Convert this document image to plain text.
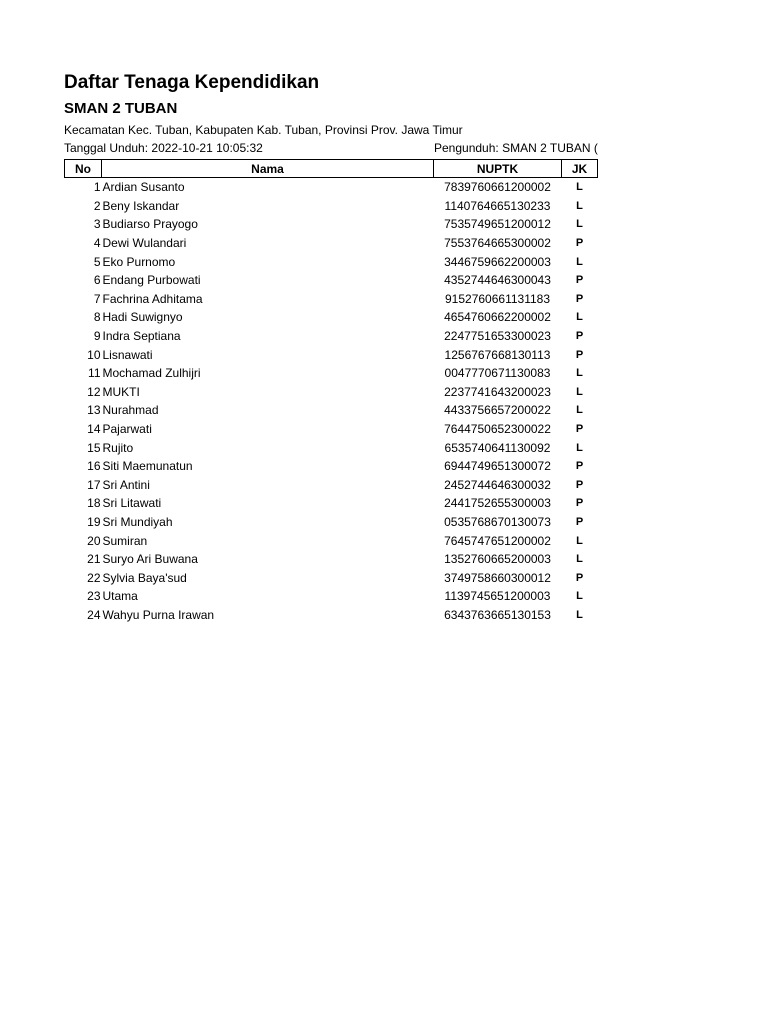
Daftar Tenaga Kependidikan
SMAN 2 TUBAN
Kecamatan Kec. Tuban, Kabupaten Kab. Tuban, Provinsi Prov. Jawa Timur
Tanggal Unduh: 2022-10-21 10:05:32	Pengunduh: SMAN 2 TUBAN (
No	Nama	NUPTK	JK
1	Ardian Susanto	7839760661200002	L
2	Beny Iskandar	1140764665130233	L
3	Budiarso Prayogo	7535749651200012	L
4	Dewi Wulandari	7553764665300002	P
5	Eko Purnomo	3446759662200003	L
6	Endang Purbowati	4352744646300043	P
7	Fachrina Adhitama	9152760661131183	P
8	Hadi Suwignyo	4654760662200002	L
9	Indra Septiana	2247751653300023	P
10	Lisnawati	1256767668130113	P
11	Mochamad Zulhijri	0047770671130083	L
12	MUKTI	2237741643200023	L
13	Nurahmad	4433756657200022	L
14	Pajarwati	7644750652300022	P
15	Rujito	6535740641130092	L
16	Siti Maemunatun	6944749651300072	P
17	Sri Antini	2452744646300032	P
18	Sri Litawati	2441752655300003	P
19	Sri Mundiyah	0535768670130073	P
20	Sumiran	7645747651200002	L
21	Suryo Ari Buwana	1352760665200003	L
22	Sylvia Baya'sud	3749758660300012	P
23	Utama	1139745651200003	L
24	Wahyu Purna Irawan	6343763665130153	L
